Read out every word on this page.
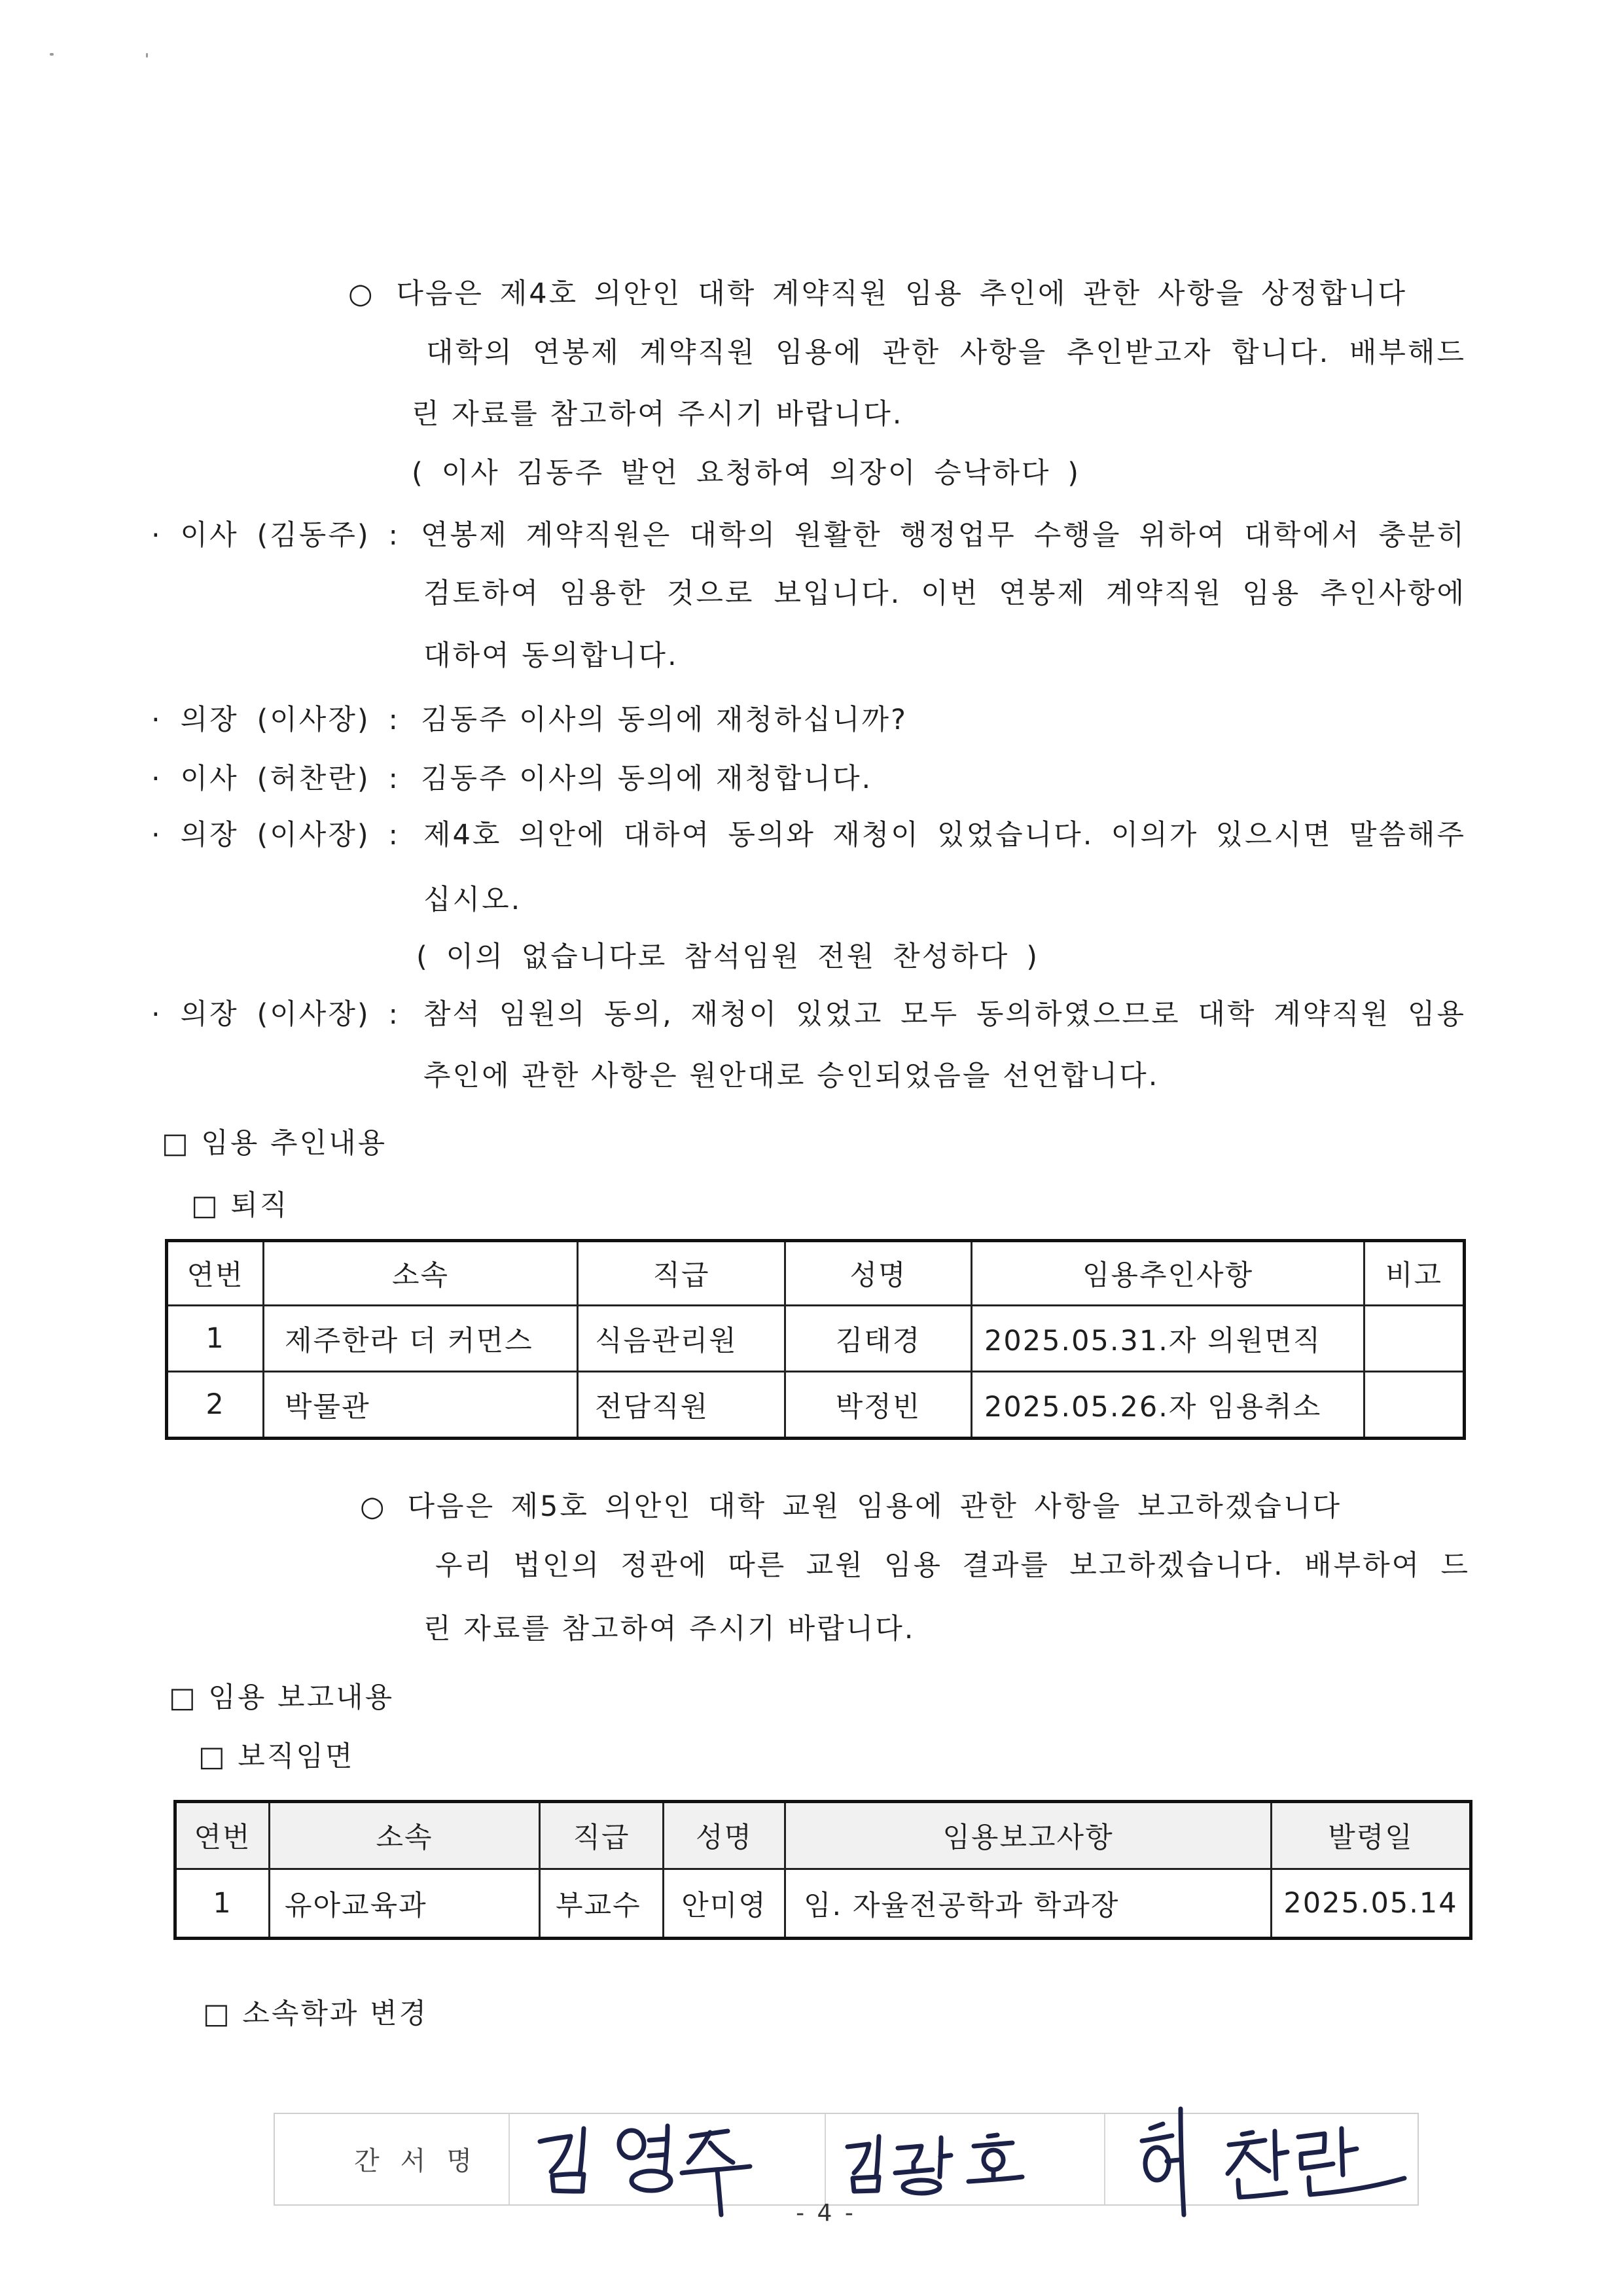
○ 다음은 제4호 의안인 대학 계약직원 임용 추인에 관한 사항을 상정합니다
대학의 연봉제 계약직원 임용에 관한 사항을 추인받고자 합니다. 배부해드
린 자료를 참고하여 주시기 바랍니다.
( 이사 김동주 발언 요청하여 의장이 승낙하다 )
· 이사 (김동주) : 연봉제 계약직원은 대학의 원활한 행정업무 수행을 위하여 대학에서 충분히
검토하여 임용한 것으로 보입니다. 이번 연봉제 계약직원 임용 추인사항에
대하여 동의합니다.
· 의장 (이사장) : 김동주 이사의 동의에 재청하십니까?
· 이사 (허찬란) : 김동주 이사의 동의에 재청합니다.
· 의장 (이사장) : 제4호 의안에 대하여 동의와 재청이 있었습니다. 이의가 있으시면 말씀해주
십시오.
( 이의 없습니다로 참석임원 전원 찬성하다 )
· 의장 (이사장) : 참석 임원의 동의, 재청이 있었고 모두 동의하였으므로 대학 계약직원 임용
추인에 관한 사항은 원안대로 승인되었음을 선언합니다.
□ 임용 추인내용
□ 퇴직
연번	소속	직급	성명	임용추인사항	비고
1	제주한라 더 커먼스	식음관리원	김태경	2025.05.31.자 의원면직	
2	박물관	전담직원	박정빈	2025.05.26.자 임용취소	
○ 다음은 제5호 의안인 대학 교원 임용에 관한 사항을 보고하겠습니다
우리 법인의 정관에 따른 교원 임용 결과를 보고하겠습니다. 배부하여 드
린 자료를 참고하여 주시기 바랍니다.
□ 임용 보고내용
□ 보직임면
연번	소속	직급	성명	임용보고사항	발령일
1	유아교육과	부교수	안미영	임. 자율전공학과 학과장	2025.05.14
□ 소속학과 변경
간 서 명
- 4 -
